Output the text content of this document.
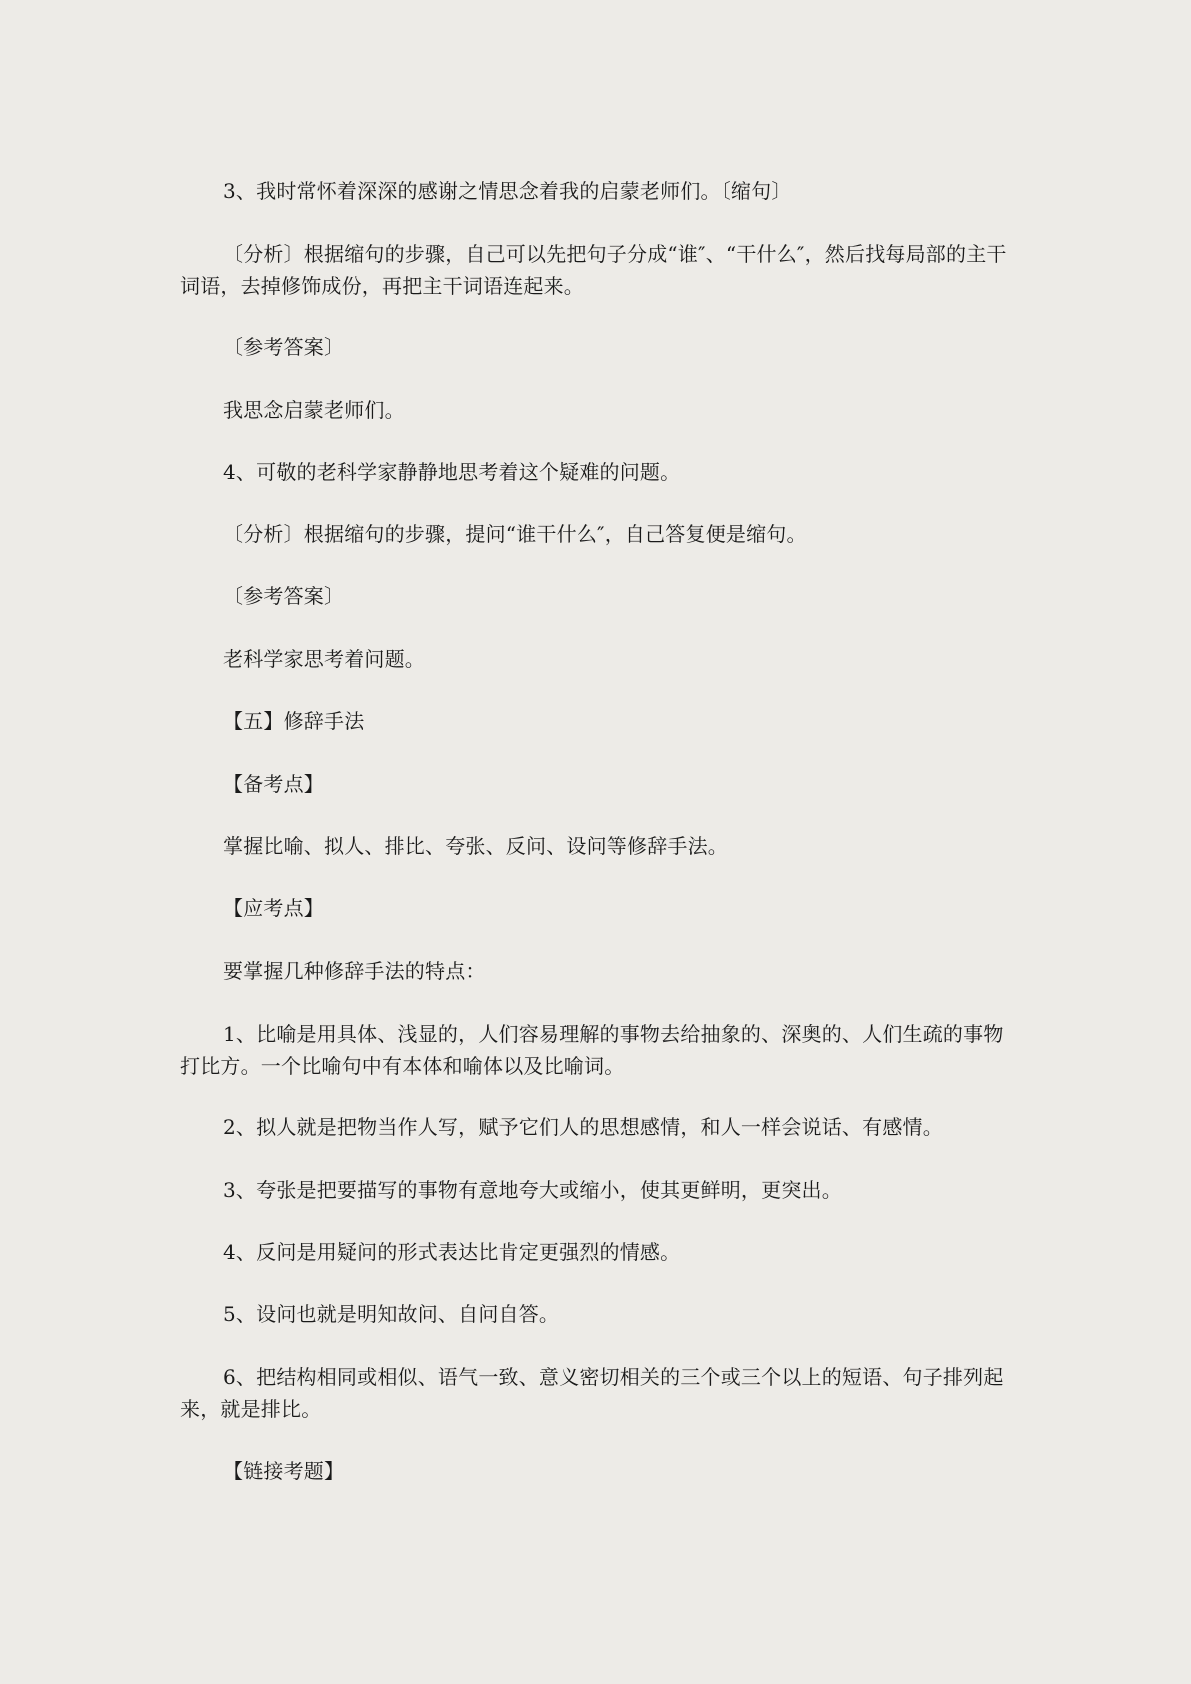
3、我时常怀着深深的感谢之情思念着我的启蒙老师们。〔缩句〕

〔分析〕根据缩句的步骤，自己可以先把句子分成“谁″、“干什么″，然后找每局部的主干词语，去掉修饰成份，再把主干词语连起来。

〔参考答案〕

我思念启蒙老师们。

4、可敬的老科学家静静地思考着这个疑难的问题。

〔分析〕根据缩句的步骤，提问“谁干什么″，自己答复便是缩句。

〔参考答案〕

老科学家思考着问题。

【五】修辞手法

【备考点】

掌握比喻、拟人、排比、夸张、反问、设问等修辞手法。

【应考点】

要掌握几种修辞手法的特点：

1、比喻是用具体、浅显的，人们容易理解的事物去给抽象的、深奥的、人们生疏的事物打比方。一个比喻句中有本体和喻体以及比喻词。

2、拟人就是把物当作人写，赋予它们人的思想感情，和人一样会说话、有感情。

3、夸张是把要描写的事物有意地夸大或缩小，使其更鲜明，更突出。

4、反问是用疑问的形式表达比肯定更强烈的情感。

5、设问也就是明知故问、自问自答。

6、把结构相同或相似、语气一致、意义密切相关的三个或三个以上的短语、句子排列起来，就是排比。

【链接考题】
